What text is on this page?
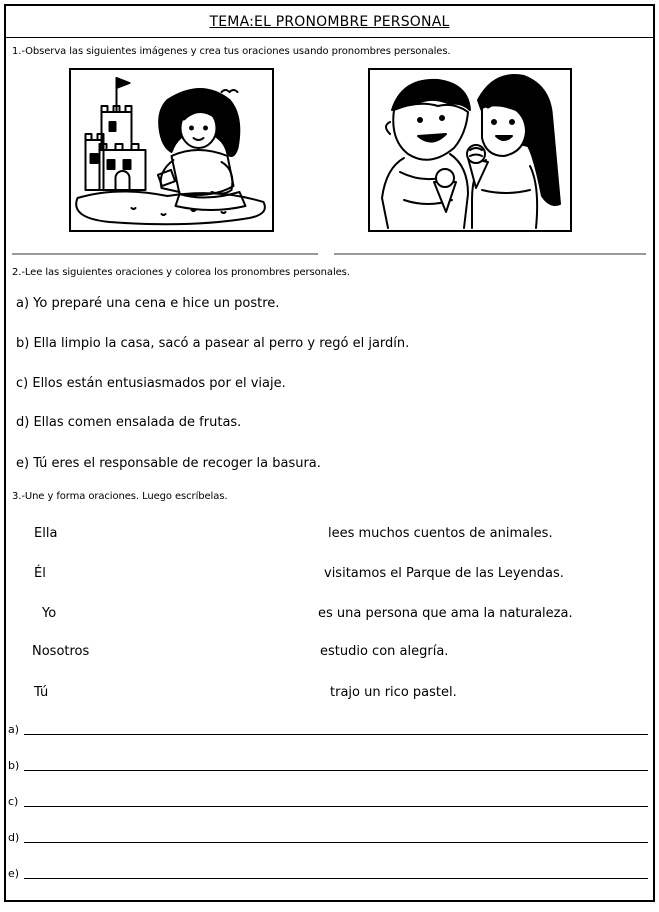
TEMA:EL PRONOMBRE PERSONAL
1.-Observa las siguientes imágenes y crea tus oraciones usando pronombres personales.
2.-Lee las siguientes oraciones y colorea los pronombres personales.
a) Yo preparé una cena e hice un postre.
b) Ella limpio la casa, sacó a pasear al perro y regó el jardín.
c) Ellos están entusiasmados por el viaje.
d) Ellas comen ensalada de frutas.
e) Tú eres el responsable de recoger la basura.
3.-Une y forma oraciones. Luego escríbelas.
Ella
Él
Yo
Nosotros
Tú
lees muchos cuentos de animales.
visitamos el Parque de las Leyendas.
es una persona que ama la naturaleza.
estudio con alegría.
trajo un rico pastel.
a)
b)
c)
d)
e)
